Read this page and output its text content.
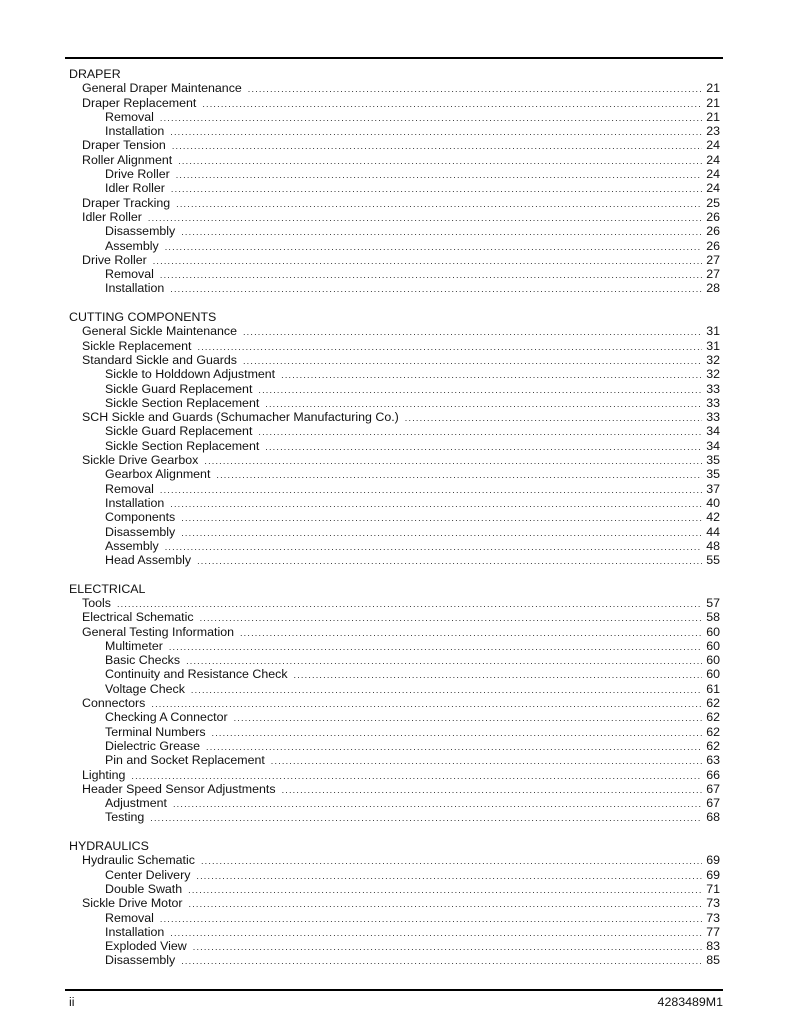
DRAPER
General Draper Maintenance .....	21
Draper Replacement .....	21
Removal .....	21
Installation .....	23
Draper Tension .....	24
Roller Alignment .....	24
Drive Roller .....	24
Idler Roller .....	24
Draper Tracking .....	25
Idler Roller .....	26
Disassembly .....	26
Assembly .....	26
Drive Roller .....	27
Removal .....	27
Installation .....	28
CUTTING COMPONENTS
General Sickle Maintenance .....	31
Sickle Replacement .....	31
Standard Sickle and Guards .....	32
Sickle to Holddown Adjustment .....	32
Sickle Guard Replacement .....	33
Sickle Section Replacement .....	33
SCH Sickle and Guards (Schumacher Manufacturing Co.) .....	33
Sickle Guard Replacement .....	34
Sickle Section Replacement .....	34
Sickle Drive Gearbox .....	35
Gearbox Alignment .....	35
Removal .....	37
Installation .....	40
Components .....	42
Disassembly .....	44
Assembly .....	48
Head Assembly .....	55
ELECTRICAL
Tools .....	57
Electrical Schematic .....	58
General Testing Information .....	60
Multimeter .....	60
Basic Checks .....	60
Continuity and Resistance Check .....	60
Voltage Check .....	61
Connectors .....	62
Checking A Connector .....	62
Terminal Numbers .....	62
Dielectric Grease .....	62
Pin and Socket Replacement .....	63
Lighting .....	66
Header Speed Sensor Adjustments .....	67
Adjustment .....	67
Testing .....	68
HYDRAULICS
Hydraulic Schematic .....	69
Center Delivery .....	69
Double Swath .....	71
Sickle Drive Motor .....	73
Removal .....	73
Installation .....	77
Exploded View .....	83
Disassembly .....	85
ii	4283489M1
